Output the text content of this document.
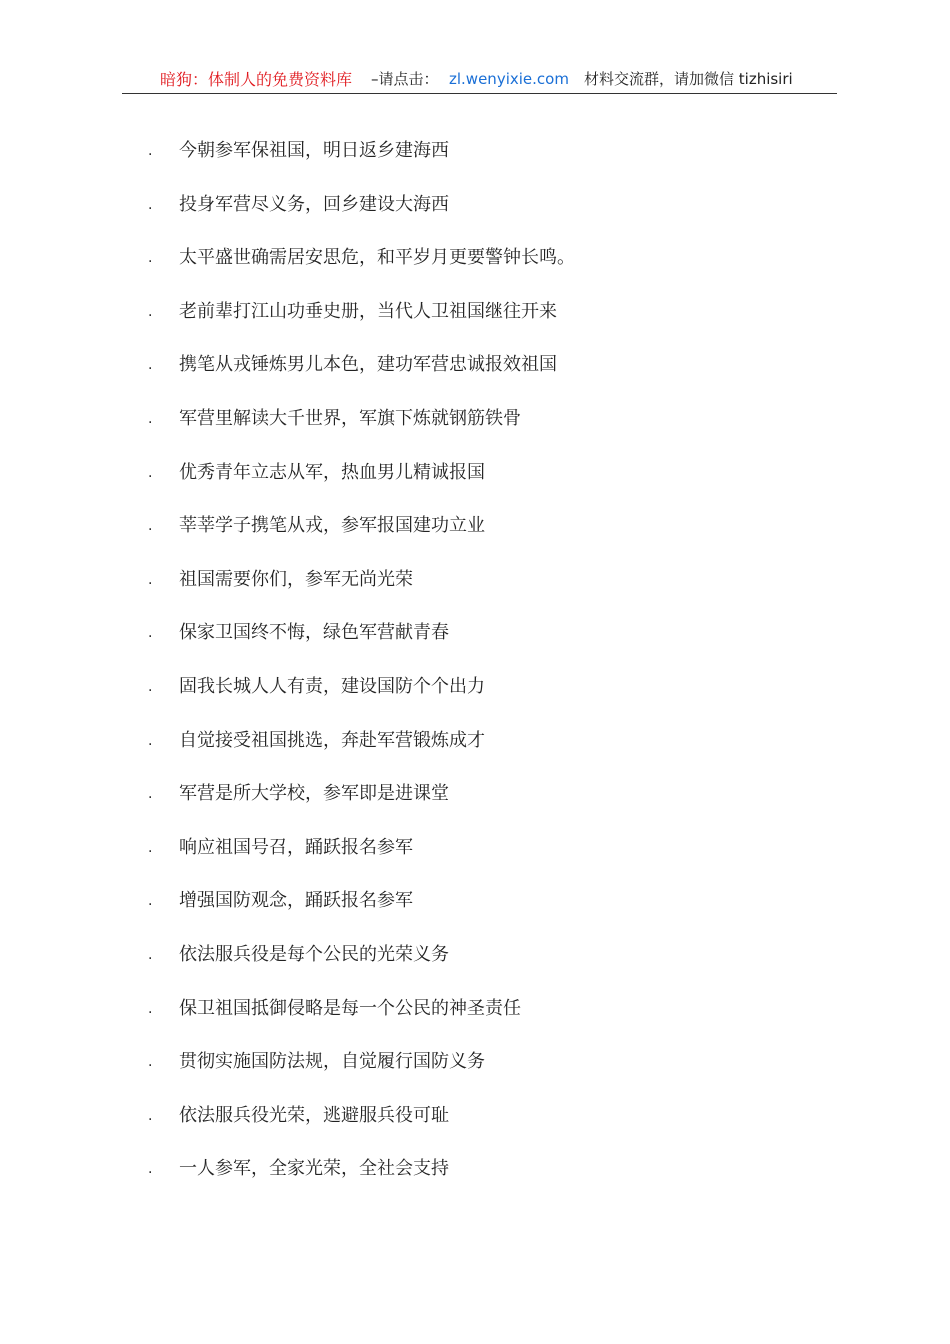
暗狗：体制人的免费资料库 –请点击： zl.wenyixie.com 材料交流群，请加微信 tizhisiri
. 今朝参军保祖国，明日返乡建海西
. 投身军营尽义务，回乡建设大海西
. 太平盛世确需居安思危，和平岁月更要警钟长鸣。
. 老前辈打江山功垂史册，当代人卫祖国继往开来
. 携笔从戎锤炼男儿本色，建功军营忠诚报效祖国
. 军营里解读大千世界，军旗下炼就钢筋铁骨
. 优秀青年立志从军，热血男儿精诚报国
. 莘莘学子携笔从戎，参军报国建功立业
. 祖国需要你们，参军无尚光荣
. 保家卫国终不悔，绿色军营献青春
. 固我长城人人有责，建设国防个个出力
. 自觉接受祖国挑选，奔赴军营锻炼成才
. 军营是所大学校，参军即是进课堂
. 响应祖国号召，踊跃报名参军
. 增强国防观念，踊跃报名参军
. 依法服兵役是每个公民的光荣义务
. 保卫祖国抵御侵略是每一个公民的神圣责任
. 贯彻实施国防法规，自觉履行国防义务
. 依法服兵役光荣，逃避服兵役可耻
. 一人参军，全家光荣，全社会支持
